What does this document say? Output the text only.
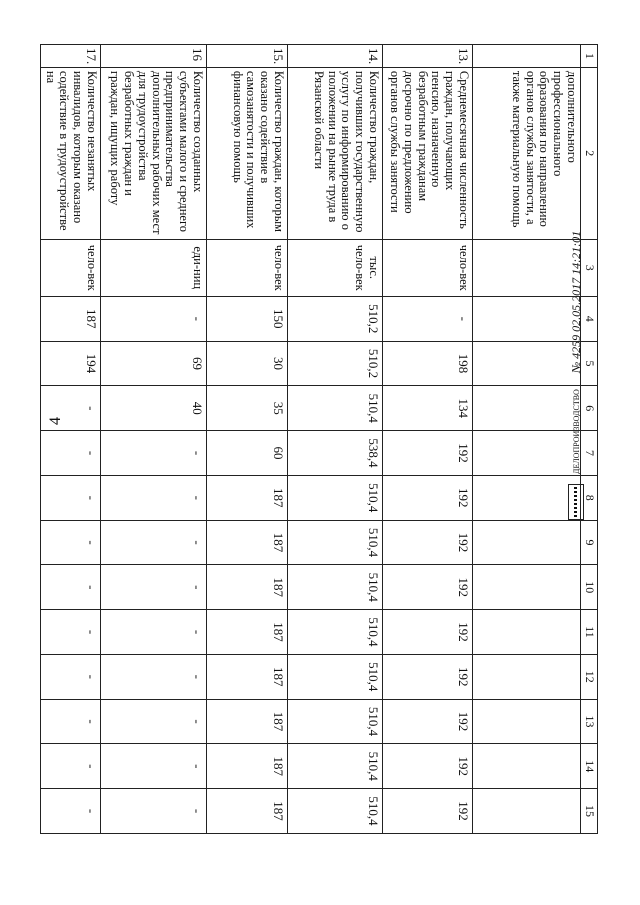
4	ДЕЛОПРОИЗВОДСТВО№ 4259 02.05.2017 14:21:01
1	2	3	4	5	6	7	8	9	10	11	12	13	14	15
	дополнительного профессионального образования по направлению органов службы занятости, а также материальную помощь													
13.	Среднемесячная численность граждан, получающих пенсию, назначенную безработным гражданам досрочно по предложению органов службы занятости	чело-век	-	198	134	192	192	192	192	192	192	192	192	192
14.	Количество граждан, получивших государственную услугу по информированию о положении на рынке труда в Рязанской области	тыс. чело-век	510,2	510,2	510,4	538,4	510,4	510,4	510,4	510,4	510,4	510,4	510,4	510,4
15.	Количество граждан, которым оказано содействие в самозанятости и получивших финансовую помощь	чело-век	150	30	35	60	187	187	187	187	187	187	187	187
16	Количество созданных субъектами малого и среднего предпринимательства дополнительных рабочих мест для трудоустройства безработных граждан и граждан, ищущих работу	еди-ниц	-	69	40	-	-	-	-	-	-	-	-	-
17.	Количество незанятых инвалидов, которым оказано содействие в трудоустройстве на	чело-век	187	194	-	-	-	-	-	-	-	-	-	-
